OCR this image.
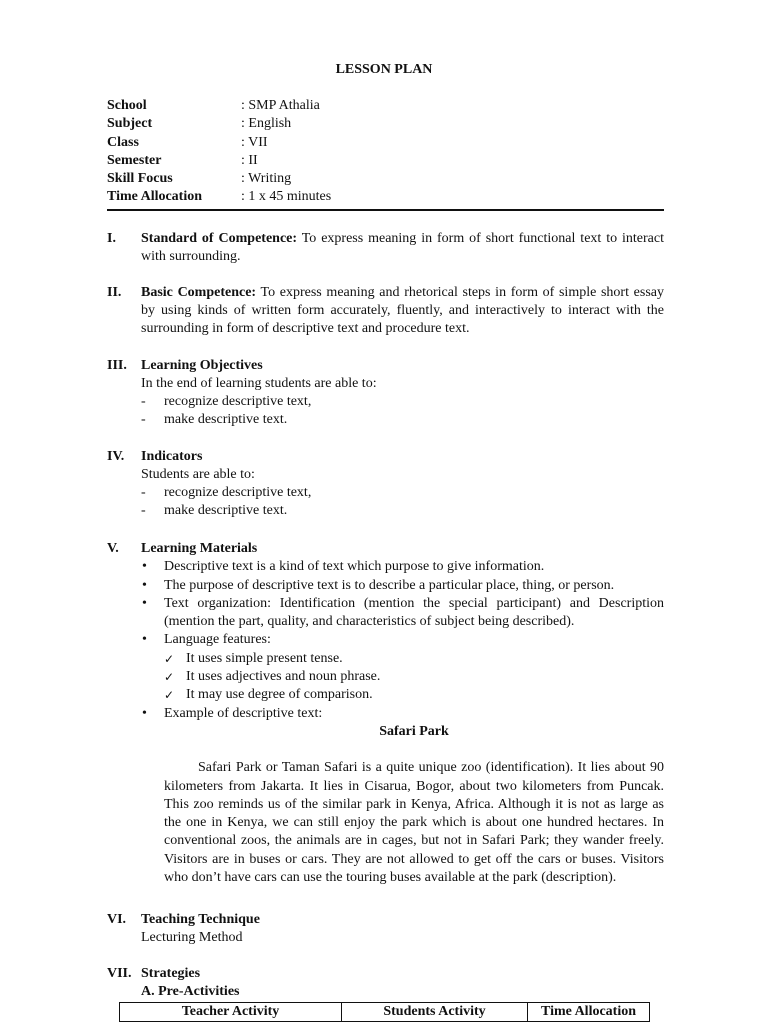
LESSON PLAN
School	: SMP Athalia
Subject	: English
Class	: VII
Semester	: II
Skill Focus	: Writing
Time Allocation	: 1 x 45 minutes
I. Standard of Competence: To express meaning in form of short functional text to interact with surrounding.
II. Basic Competence: To express meaning and rhetorical steps in form of simple short essay by using kinds of written form accurately, fluently, and interactively to interact with the surrounding in form of descriptive text and procedure text.
III. Learning Objectives
In the end of learning students are able to:
- recognize descriptive text,
- make descriptive text.
IV. Indicators
Students are able to:
- recognize descriptive text,
- make descriptive text.
V. Learning Materials
• Descriptive text is a kind of text which purpose to give information.
• The purpose of descriptive text is to describe a particular place, thing, or person.
• Text organization: Identification (mention the special participant) and Description (mention the part, quality, and characteristics of subject being described).
• Language features:
✓ It uses simple present tense.
✓ It uses adjectives and noun phrase.
✓ It may use degree of comparison.
• Example of descriptive text:
Safari Park
Safari Park or Taman Safari is a quite unique zoo (identification). It lies about 90 kilometers from Jakarta. It lies in Cisarua, Bogor, about two kilometers from Puncak. This zoo reminds us of the similar park in Kenya, Africa. Although it is not as large as the one in Kenya, we can still enjoy the park which is about one hundred hectares. In conventional zoos, the animals are in cages, but not in Safari Park; they wander freely. Visitors are in buses or cars. They are not allowed to get off the cars or buses. Visitors who don’t have cars can use the touring buses available at the park (description).
VI. Teaching Technique
Lecturing Method
VII. Strategies
A. Pre-Activities
Teacher Activity	Students Activity	Time Allocation
